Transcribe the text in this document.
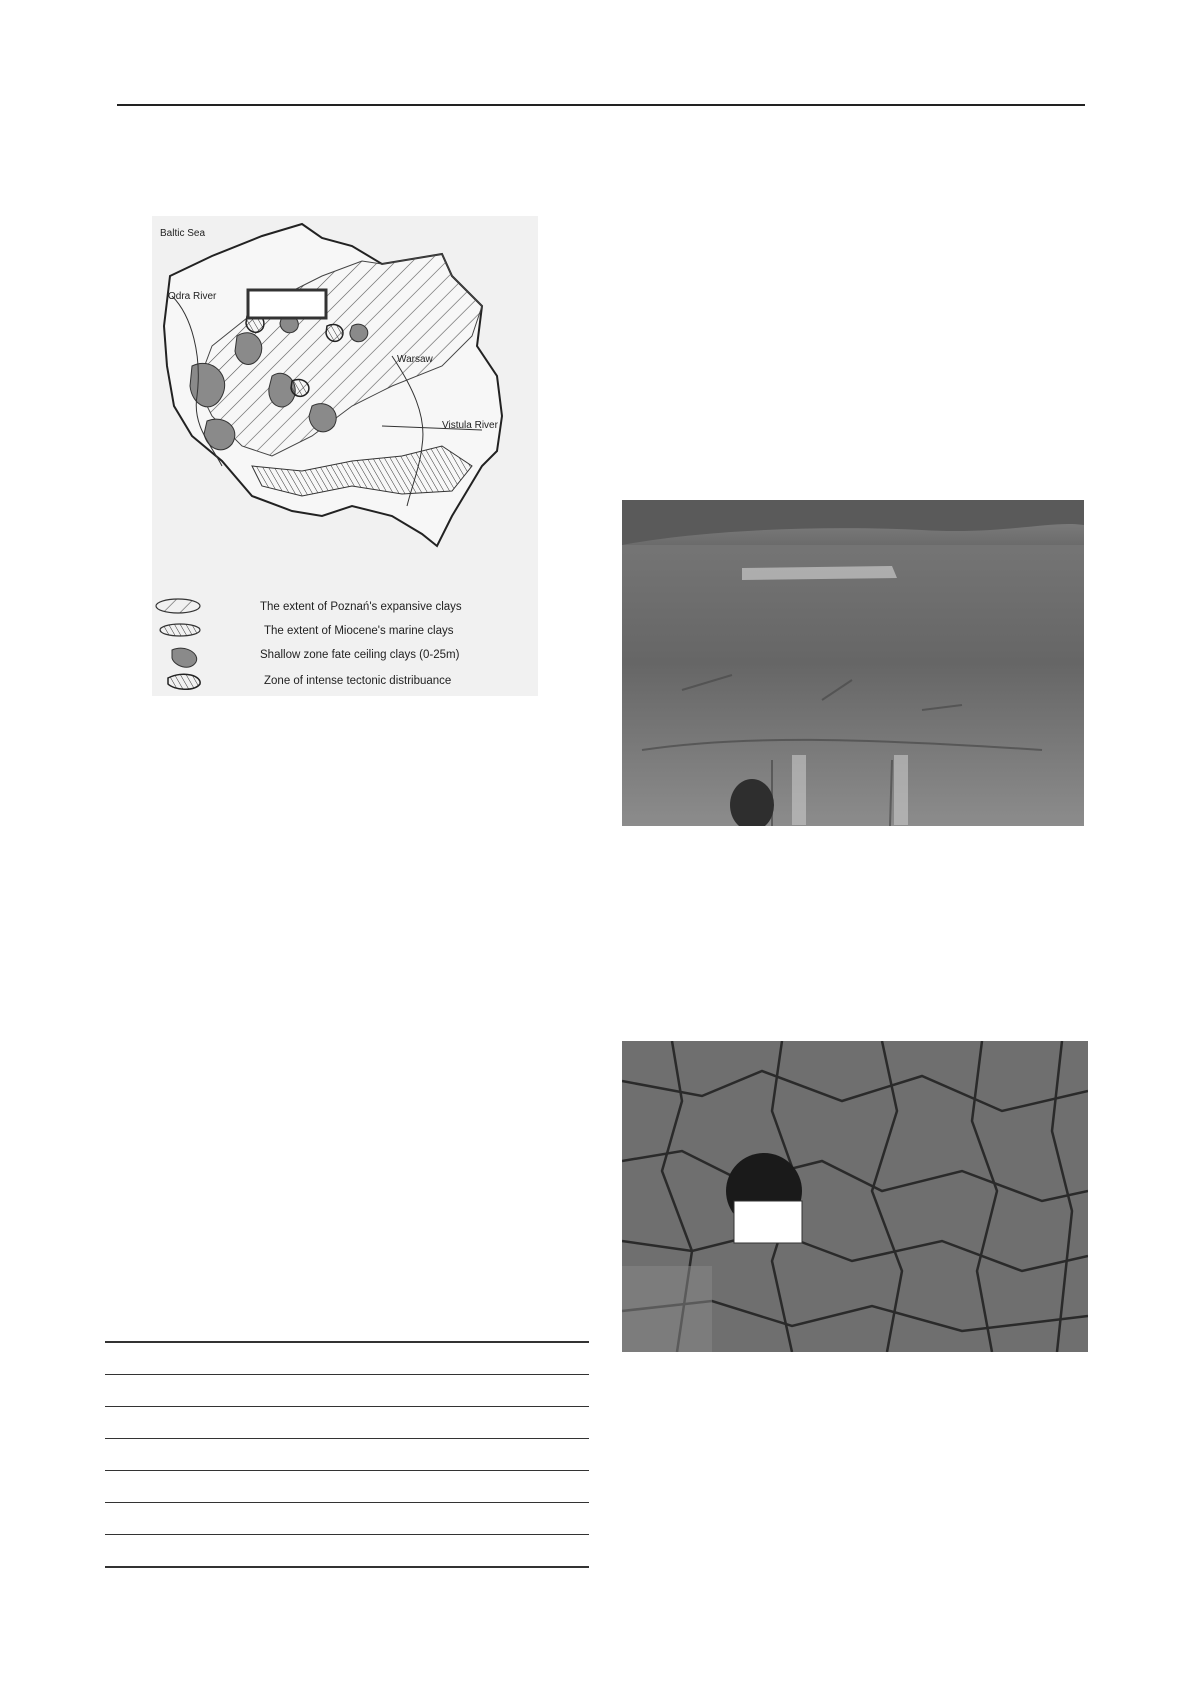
Baltic Sea
Odra River
Warsaw
Vistula River
The extent of Poznań's expansive clays
The extent of Miocene's marine clays
Shallow zone fate ceiling clays (0-25m)
Zone of intense tectonic distribuance
